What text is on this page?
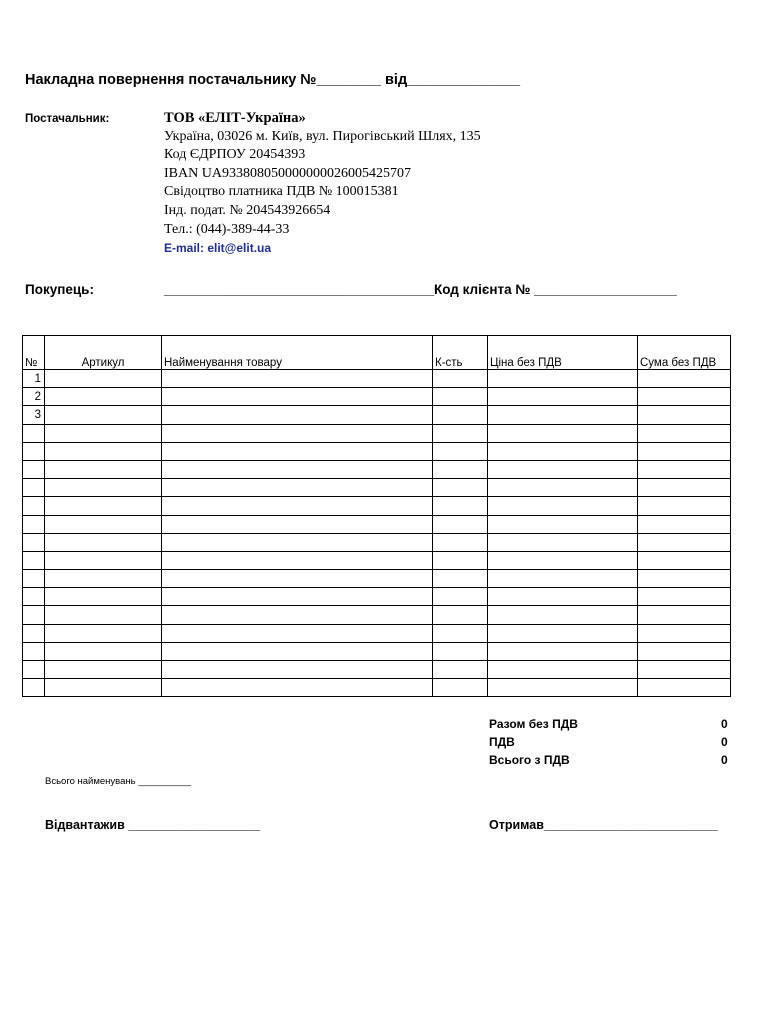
Накладна повернення постачальнику №________ від______________
Постачальник:	ТОВ «ЕЛІТ-Україна»
Україна, 03026 м. Київ, вул. Пирогівський Шлях, 135
Код ЄДРПОУ 20454393
IBAN UA933808050000000026005425707
Свідоцтво платника ПДВ № 100015381
Інд. подат. № 204543926654
Тел.: (044)-389-44-33
E-mail: elit@elit.ua
Покупець:	____________________________________ Код клієнта № ___________________

№	Артикул	Найменування товару	К-сть	Ціна без ПДВ	Сума без ПДВ
1					
2					
3					

Разом без ПДВ	0
ПДВ	0
Всього з ПДВ	0
Всього найменувань __________
Відвантажив ___________________	Отримав_________________________
